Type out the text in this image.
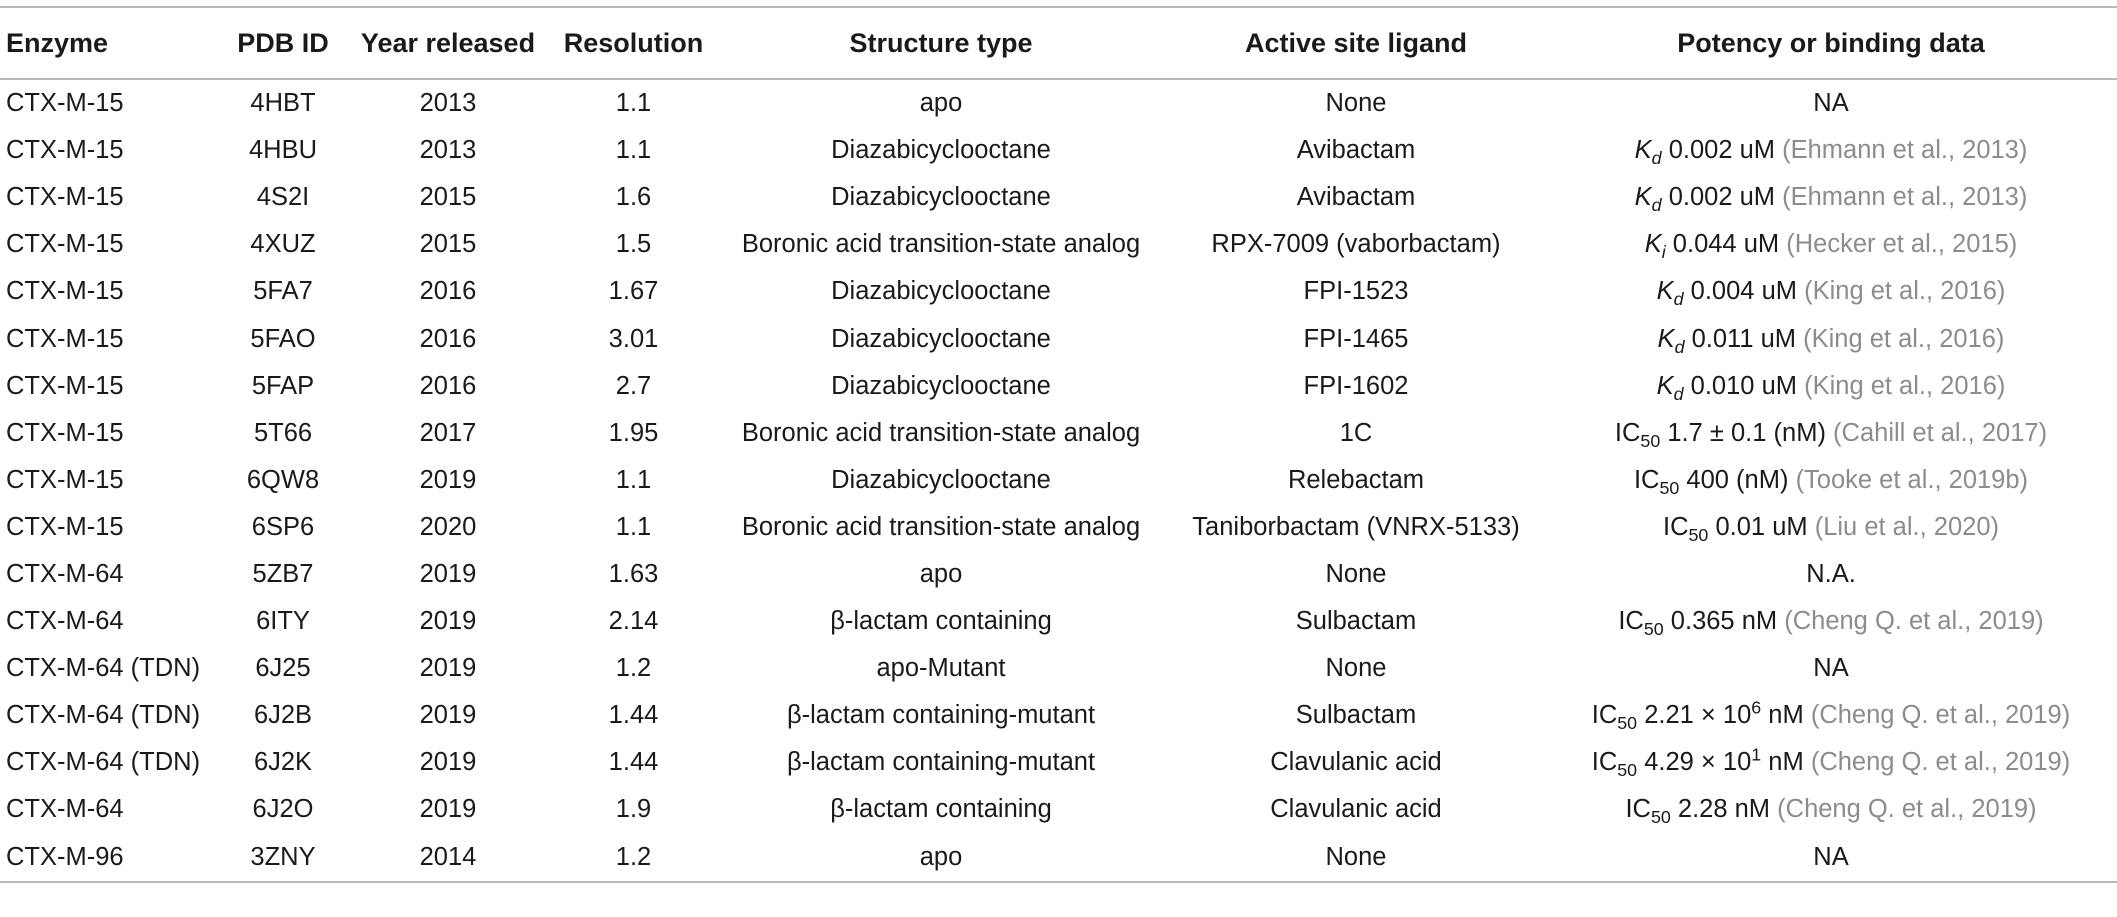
Enzyme	PDB ID	Year released	Resolution	Structure type	Active site ligand	Potency or binding data
CTX-M-15	4HBT	2013	1.1	apo	None	NA
CTX-M-15	4HBU	2013	1.1	Diazabicyclooctane	Avibactam	$K_d$ 0.002 uM (Ehmann et al., 2013)
CTX-M-15	4S2I	2015	1.6	Diazabicyclooctane	Avibactam	$K_d$ 0.002 uM (Ehmann et al., 2013)
CTX-M-15	4XUZ	2015	1.5	Boronic acid transition-state analog	RPX-7009 (vaborbactam)	$K_i$ 0.044 uM (Hecker et al., 2015)
CTX-M-15	5FA7	2016	1.67	Diazabicyclooctane	FPI-1523	$K_d$ 0.004 uM (King et al., 2016)
CTX-M-15	5FAO	2016	3.01	Diazabicyclooctane	FPI-1465	$K_d$ 0.011 uM (King et al., 2016)
CTX-M-15	5FAP	2016	2.7	Diazabicyclooctane	FPI-1602	$K_d$ 0.010 uM (King et al., 2016)
CTX-M-15	5T66	2017	1.95	Boronic acid transition-state analog	1C	$IC_{50}$ 1.7 ± 0.1 (nM) (Cahill et al., 2017)
CTX-M-15	6QW8	2019	1.1	Diazabicyclooctane	Relebactam	$IC_{50}$ 400 (nM) (Tooke et al., 2019b)
CTX-M-15	6SP6	2020	1.1	Boronic acid transition-state analog	Taniborbactam (VNRX-5133)	$IC_{50}$ 0.01 uM (Liu et al., 2020)
CTX-M-64	5ZB7	2019	1.63	apo	None	N.A.
CTX-M-64	6ITY	2019	2.14	β-lactam containing	Sulbactam	$IC_{50}$ 0.365 nM (Cheng Q. et al., 2019)
CTX-M-64 (TDN)	6J25	2019	1.2	apo-Mutant	None	NA
CTX-M-64 (TDN)	6J2B	2019	1.44	β-lactam containing-mutant	Sulbactam	$IC_{50}$ $2.21 \times 10^6$ nM (Cheng Q. et al., 2019)
CTX-M-64 (TDN)	6J2K	2019	1.44	β-lactam containing-mutant	Clavulanic acid	$IC_{50}$ $4.29 \times 10^1$ nM (Cheng Q. et al., 2019)
CTX-M-64	6J2O	2019	1.9	β-lactam containing	Clavulanic acid	$IC_{50}$ 2.28 nM (Cheng Q. et al., 2019)
CTX-M-96	3ZNY	2014	1.2	apo	None	NA
